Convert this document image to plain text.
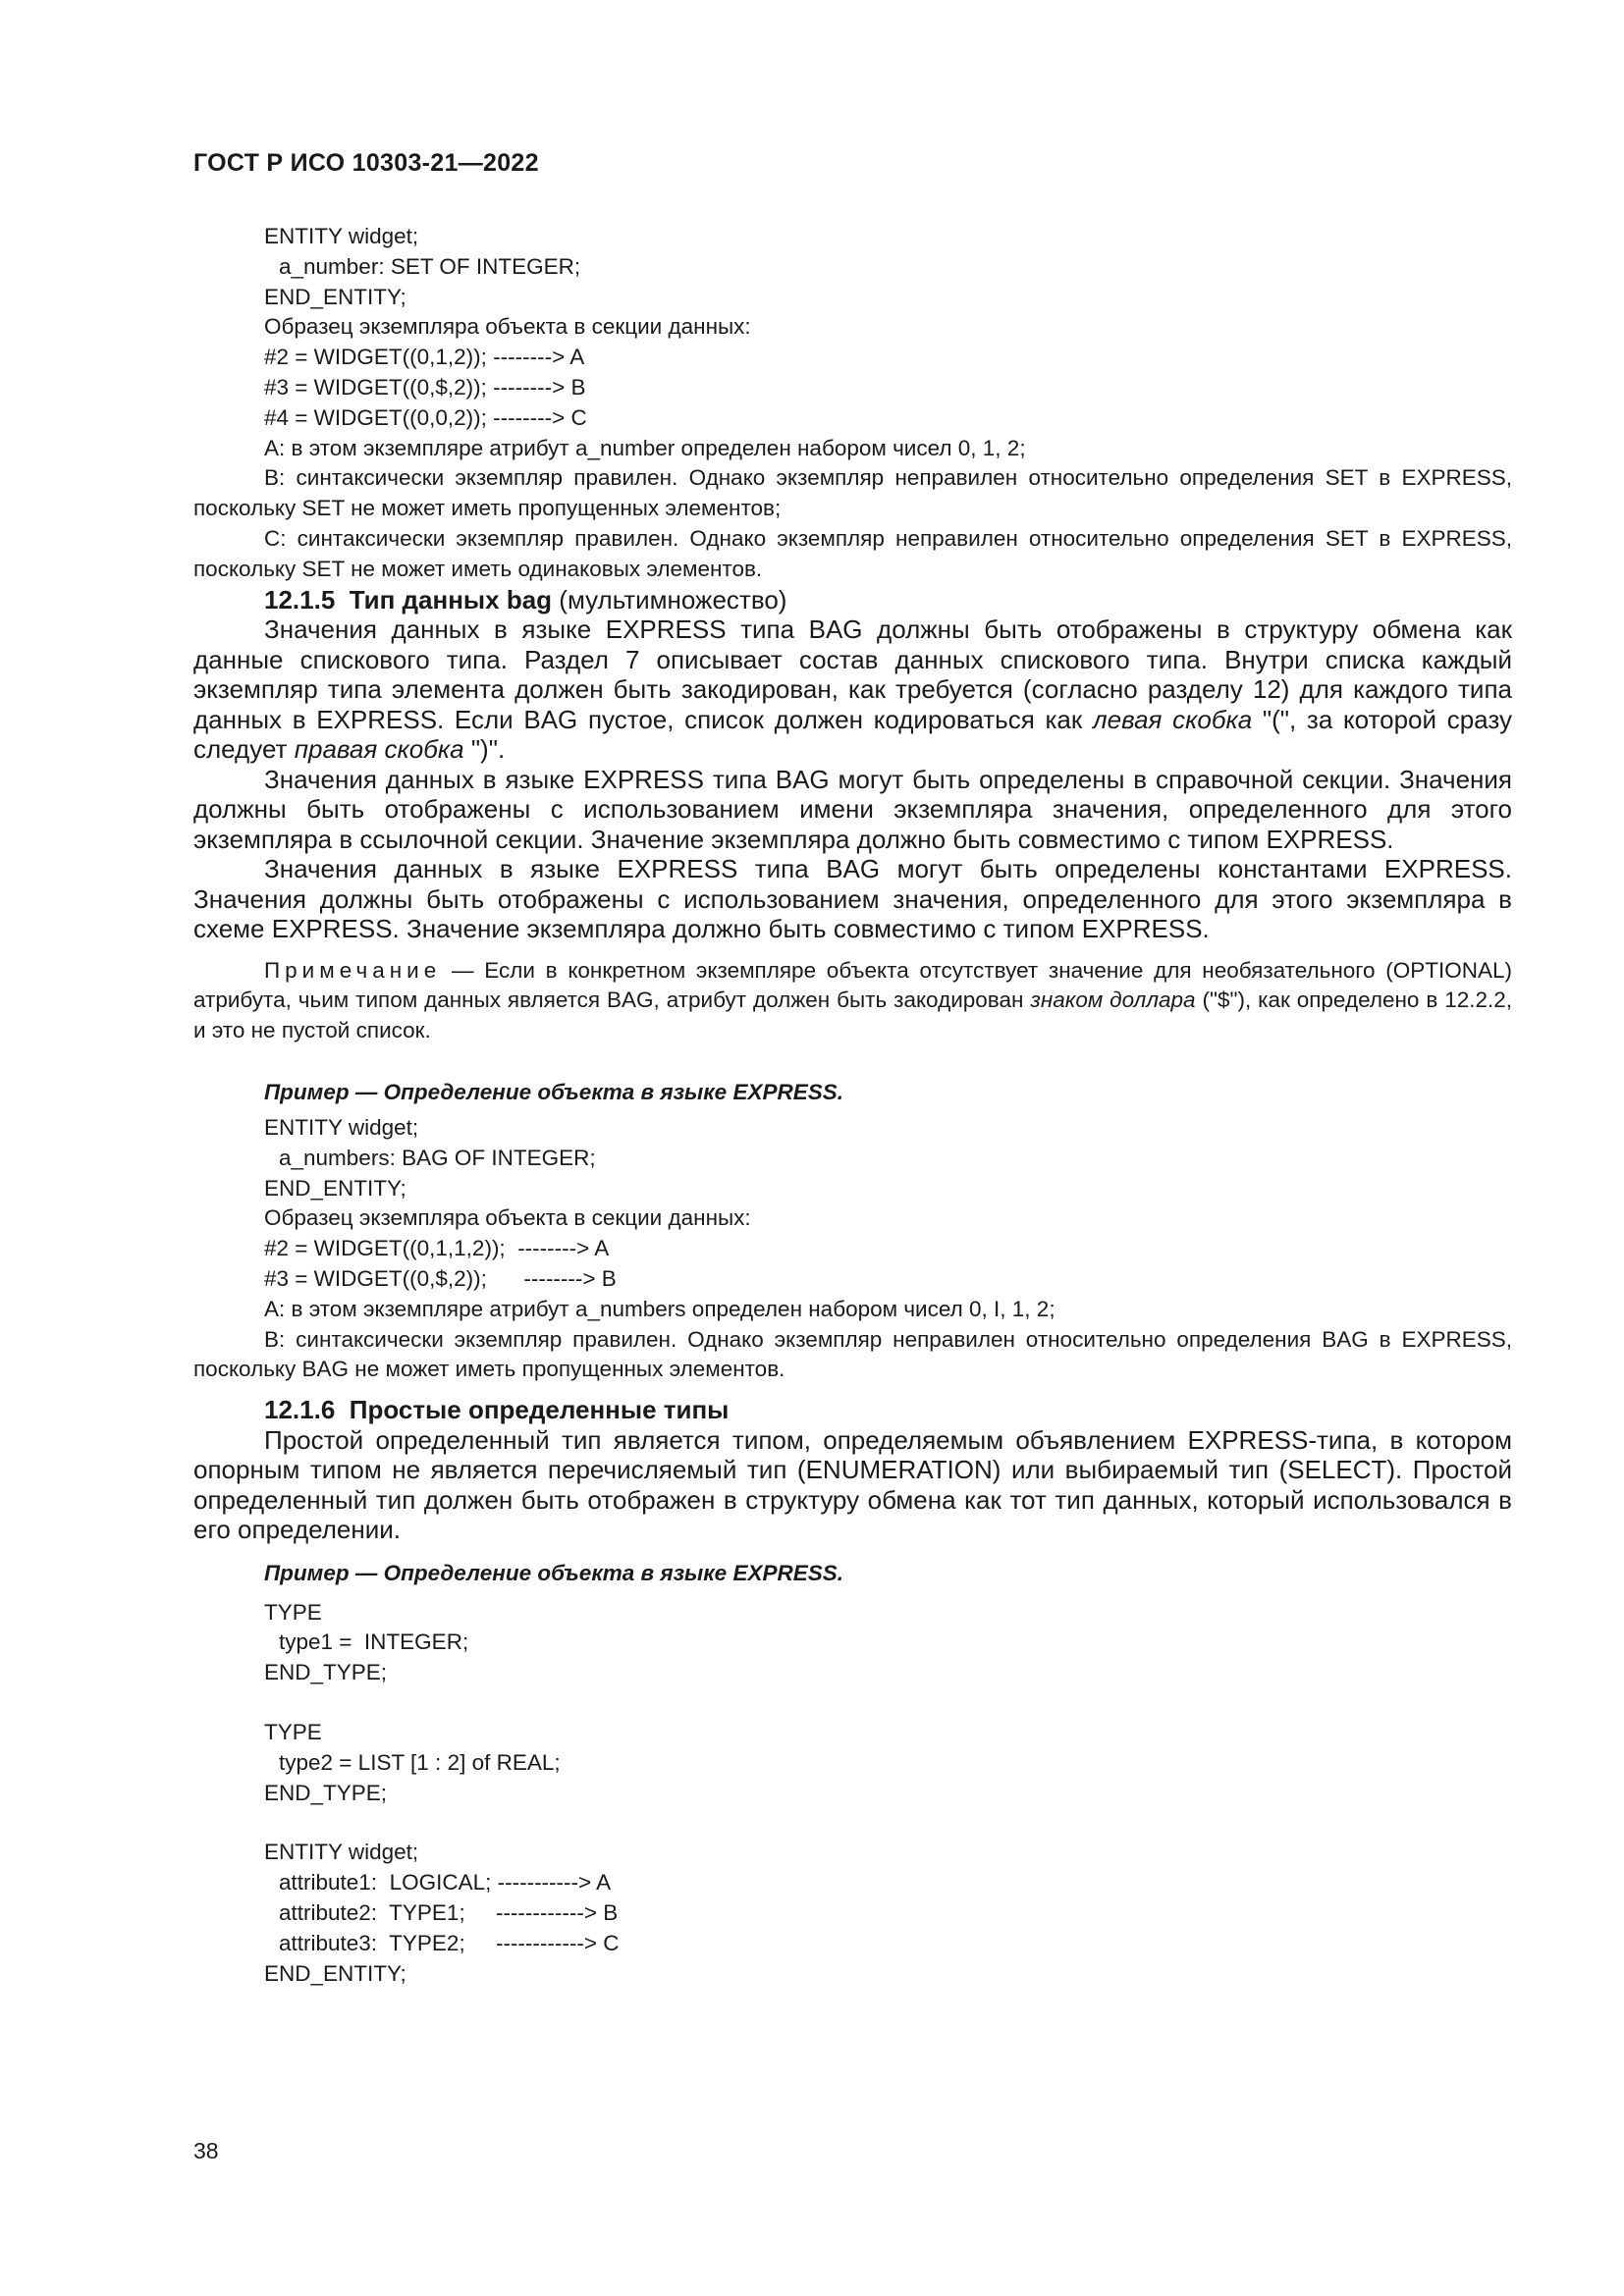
ГОСТ Р ИСО 10303-21—2022

ENTITY widget;

a_number: SET OF INTEGER;

END_ENTITY;

Образец экземпляра объекта в секции данных:

#2 = WIDGET((0,1,2)); --------> A

#3 = WIDGET((0,$,2)); --------> B

#4 = WIDGET((0,0,2)); --------> C

A: в этом экземпляре атрибут a_number определен набором чисел 0, 1, 2;

B: синтаксически экземпляр правилен. Однако экземпляр неправилен относительно определения SET в EXPRESS, поскольку SET не может иметь пропущенных элементов;

C: синтаксически экземпляр правилен. Однако экземпляр неправилен относительно определения SET в EXPRESS, поскольку SET не может иметь одинаковых элементов.

12.1.5 Тип данных bag (мультимножество)

Значения данных в языке EXPRESS типа BAG должны быть отображены в структуру обмена как данные спискового типа. Раздел 7 описывает состав данных спискового типа. Внутри списка каждый экземпляр типа элемента должен быть закодирован, как требуется (согласно разделу 12) для каждого типа данных в EXPRESS. Если BAG пустое, список должен кодироваться как левая скобка "(", за которой сразу следует правая скобка ")".

Значения данных в языке EXPRESS типа BAG могут быть определены в справочной секции. Значения должны быть отображены с использованием имени экземпляра значения, определенного для этого экземпляра в ссылочной секции. Значение экземпляра должно быть совместимо с типом EXPRESS.

Значения данных в языке EXPRESS типа BAG могут быть определены константами EXPRESS. Значения должны быть отображены с использованием значения, определенного для этого экземпляра в схеме EXPRESS. Значение экземпляра должно быть совместимо с типом EXPRESS.

Примечание — Если в конкретном экземпляре объекта отсутствует значение для необязательного (OPTIONAL) атрибута, чьим типом данных является BAG, атрибут должен быть закодирован знаком доллара ("$"), как определено в 12.2.2, и это не пустой список.

Пример — Определение объекта в языке EXPRESS.

ENTITY widget;

a_numbers: BAG OF INTEGER;

END_ENTITY;

Образец экземпляра объекта в секции данных:

#2 = WIDGET((0,1,1,2));  --------> A

#3 = WIDGET((0,$,2));      --------> B

A: в этом экземпляре атрибут a_numbers определен набором чисел 0, I, 1, 2;

B: синтаксически экземпляр правилен. Однако экземпляр неправилен относительно определения BAG в EXPRESS, поскольку BAG не может иметь пропущенных элементов.

12.1.6 Простые определенные типы

Простой определенный тип является типом, определяемым объявлением EXPRESS-типа, в котором опорным типом не является перечисляемый тип (ENUMERATION) или выбираемый тип (SELECT). Простой определенный тип должен быть отображен в структуру обмена как тот тип данных, который использовался в его определении.

Пример — Определение объекта в языке EXPRESS.

TYPE

type1 =  INTEGER;

END_TYPE;

TYPE

type2 = LIST [1 : 2] of REAL;

END_TYPE;

ENTITY widget;

attribute1:  LOGICAL; -----------> A

attribute2:  TYPE1;     ------------> B

attribute3:  TYPE2;     ------------> C

END_ENTITY;

38
